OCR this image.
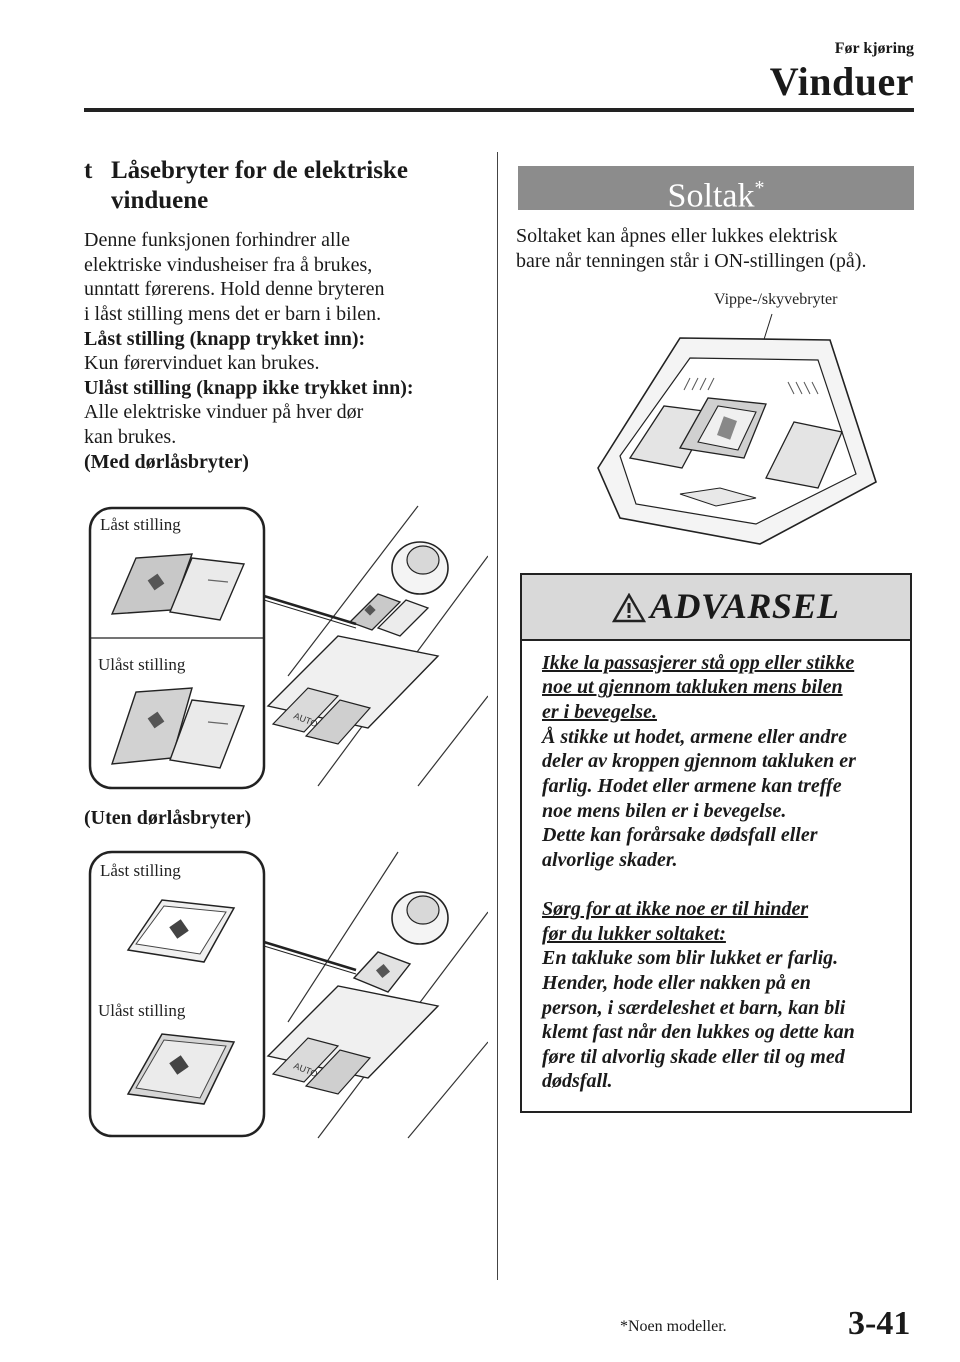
Før kjøring
Vinduer
t Låsebryter for de elektriske
vinduene
Denne funksjonen forhindrer alle
elektriske vindusheiser fra å brukes,
unntatt førerens. Hold denne bryteren
i låst stilling mens det er barn i bilen.
Låst stilling (knapp trykket inn):
Kun førervinduet kan brukes.
Ulåst stilling (knapp ikke trykket inn):
Alle elektriske vinduer på hver dør
kan brukes.
(Med dørlåsbryter)
AUTO
Låst stilling
Ulåst stilling
(Uten dørlåsbryter)
AUTO
Låst stilling
Ulåst stilling
Soltak*
Soltaket kan åpnes eller lukkes elektrisk
bare når tenningen står i ON-stillingen (på).
Vippe-/skyvebryter
ADVARSEL
Ikke la passasjerer stå opp eller stikke
noe ut gjennom takluken mens bilen
er i bevegelse.
Å stikke ut hodet, armene eller andre
deler av kroppen gjennom takluken er
farlig. Hodet eller armene kan treffe
noe mens bilen er i bevegelse.
Dette kan forårsake dødsfall eller
alvorlige skader.
Sørg for at ikke noe er til hinder
før du lukker soltaket:
En takluke som blir lukket er farlig.
Hender, hode eller nakken på en
person, i særdeleshet et barn, kan bli
klemt fast når den lukkes og dette kan
føre til alvorlig skade eller til og med
dødsfall.
*Noen modeller.	3-41
